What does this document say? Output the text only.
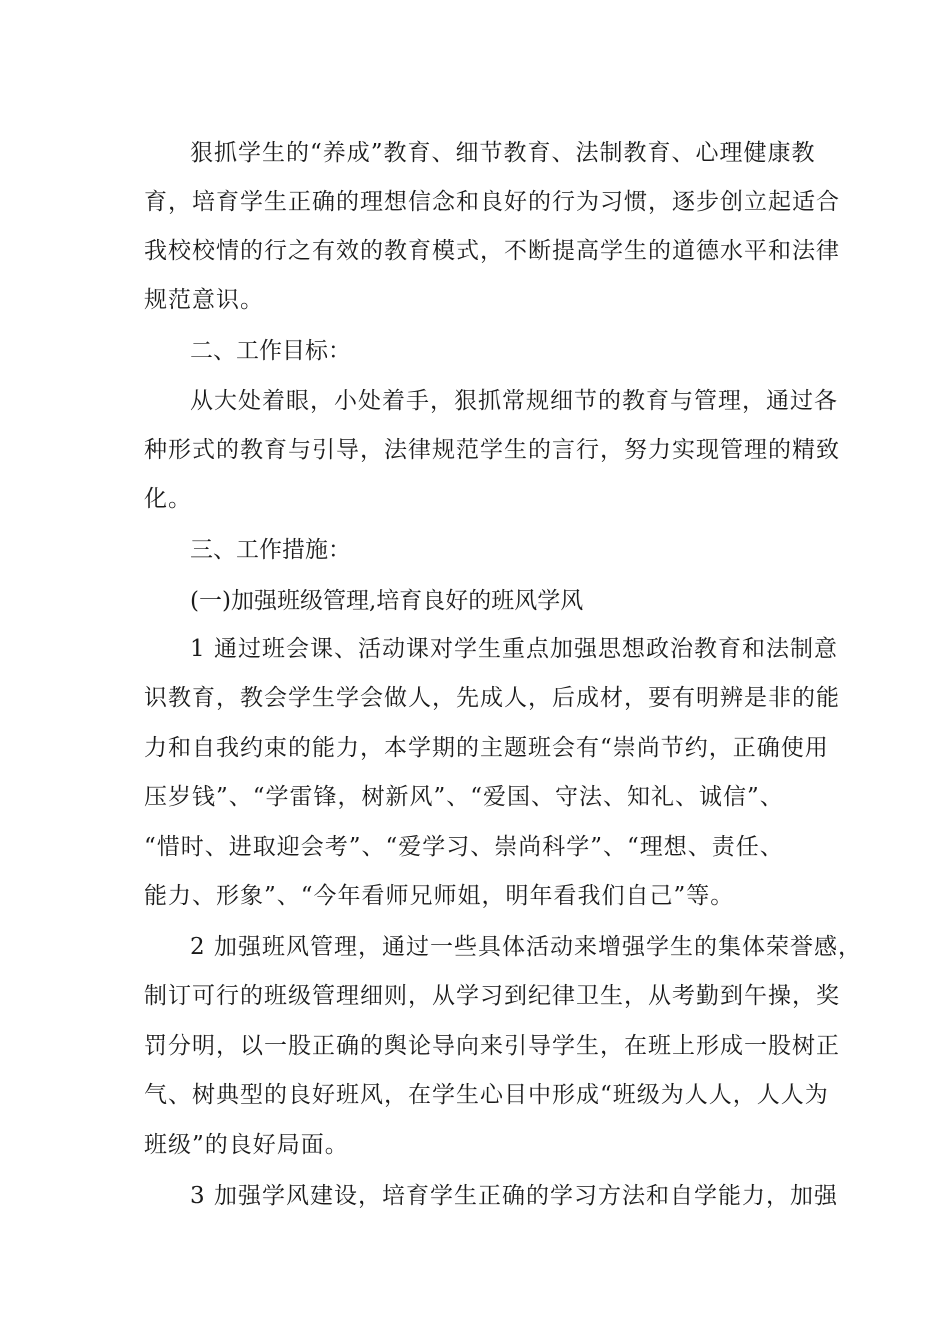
狠抓学生的“养成”教育、细节教育、法制教育、心理健康教
育，培育学生正确的理想信念和良好的行为习惯，逐步创立起适合
我校校情的行之有效的教育模式，不断提高学生的道德水平和法律
规范意识。
二、工作目标：
从大处着眼，小处着手，狠抓常规细节的教育与管理，通过各
种形式的教育与引导，法律规范学生的言行，努力实现管理的精致
化。
三、工作措施：
(一)加强班级管理,培育良好的班风学风
1 通过班会课、活动课对学生重点加强思想政治教育和法制意
识教育，教会学生学会做人，先成人，后成材，要有明辨是非的能
力和自我约束的能力，本学期的主题班会有“崇尚节约，正确使用
压岁钱”、“学雷锋，树新风”、“爱国、守法、知礼、诚信”、
“惜时、进取迎会考”、“爱学习、崇尚科学”、“理想、责任、
能力、形象”、“今年看师兄师姐，明年看我们自己”等。
2 加强班风管理，通过一些具体活动来增强学生的集体荣誉感，
制订可行的班级管理细则，从学习到纪律卫生，从考勤到午操，奖
罚分明，以一股正确的舆论导向来引导学生，在班上形成一股树正
气、树典型的良好班风，在学生心目中形成“班级为人人，人人为
班级”的良好局面。
3 加强学风建设，培育学生正确的学习方法和自学能力，加强
